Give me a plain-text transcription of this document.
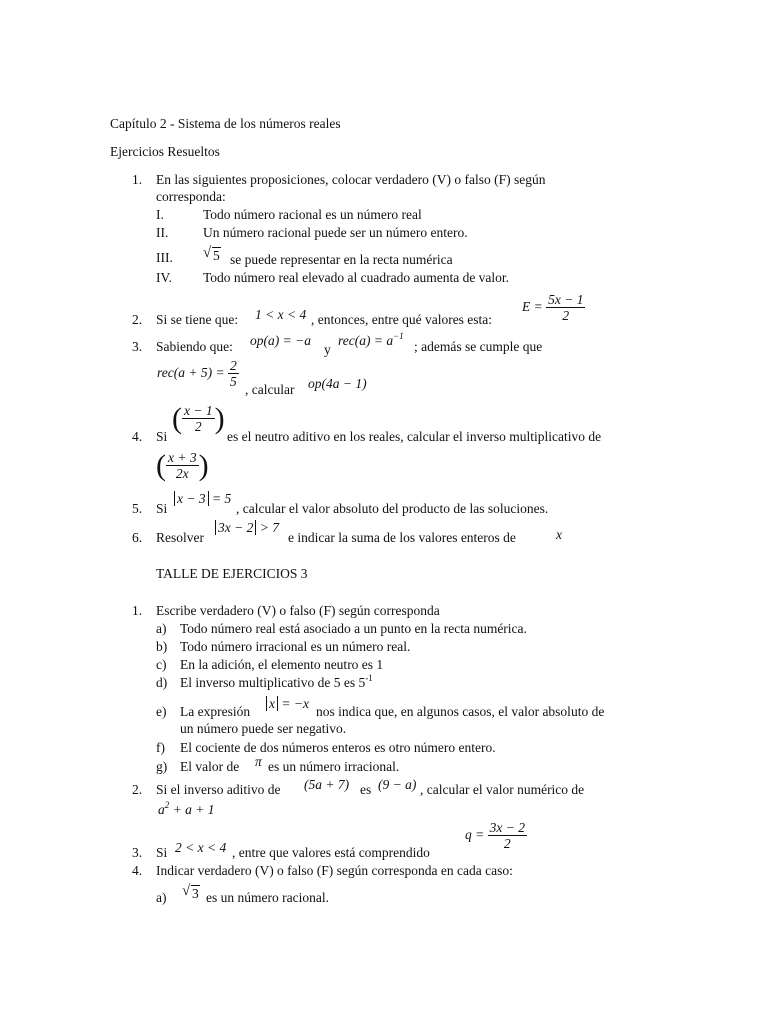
Capítulo 2 - Sistema de los números reales
Ejercicios Resueltos
1. En las siguientes proposiciones, colocar verdadero (V) o falso (F) según
corresponda:
I.	Todo número racional es un número real
II.	Un número racional puede ser un número entero.
III. √ 5 se puede representar en la recta numérica
IV. Todo número real elevado al cuadrado aumenta de valor.
2. Si se tiene que: 1 < x < 4 , entonces, entre qué valores esta:
$E = \frac{5x - 1}{2}$
3. Sabiendo que: op(a) = −a
y
$rec(a) = a^{-1}$
; además se cumple que
$rec(a + 5) = \frac{2}{5}$
, calcular op(4a − 1)
4. Si
( $\frac{x - 1}{2}$ )
es el neutro aditivo en los reales, calcular el inverso multiplicativo de
( $\frac{x + 3}{2x}$ )
5. Si
x − 3 = 5
, calcular el valor absoluto del producto de las soluciones.
6. Resolver
3x − 2 > 7
e indicar la suma de los valores enteros de	x
TALLE DE EJERCICIOS 3
1. Escribe verdadero (V) o falso (F) según corresponda
a) Todo número real está asociado a un punto en la recta numérica.
b) Todo número irracional es un número real.
c) En la adición, el elemento neutro es 1
d) El inverso multiplicativo de 5 es $5^{-1}$
e) La expresión
x = −x
nos indica que, en algunos casos, el valor absoluto de
un número puede ser negativo.
f) El cociente de dos números enteros es otro número entero.
g) El valor de π es un número irracional.
2. Si el inverso aditivo de (5a + 7) es (9 − a) , calcular el valor numérico de
$a^2 + a + 1$
3. Si 2 < x < 4 , entre que valores está comprendido
$q = \frac{3x - 2}{2}$
4. Indicar verdadero (V) o falso (F) según corresponda en cada caso:
a) √ 3 es un número racional.
